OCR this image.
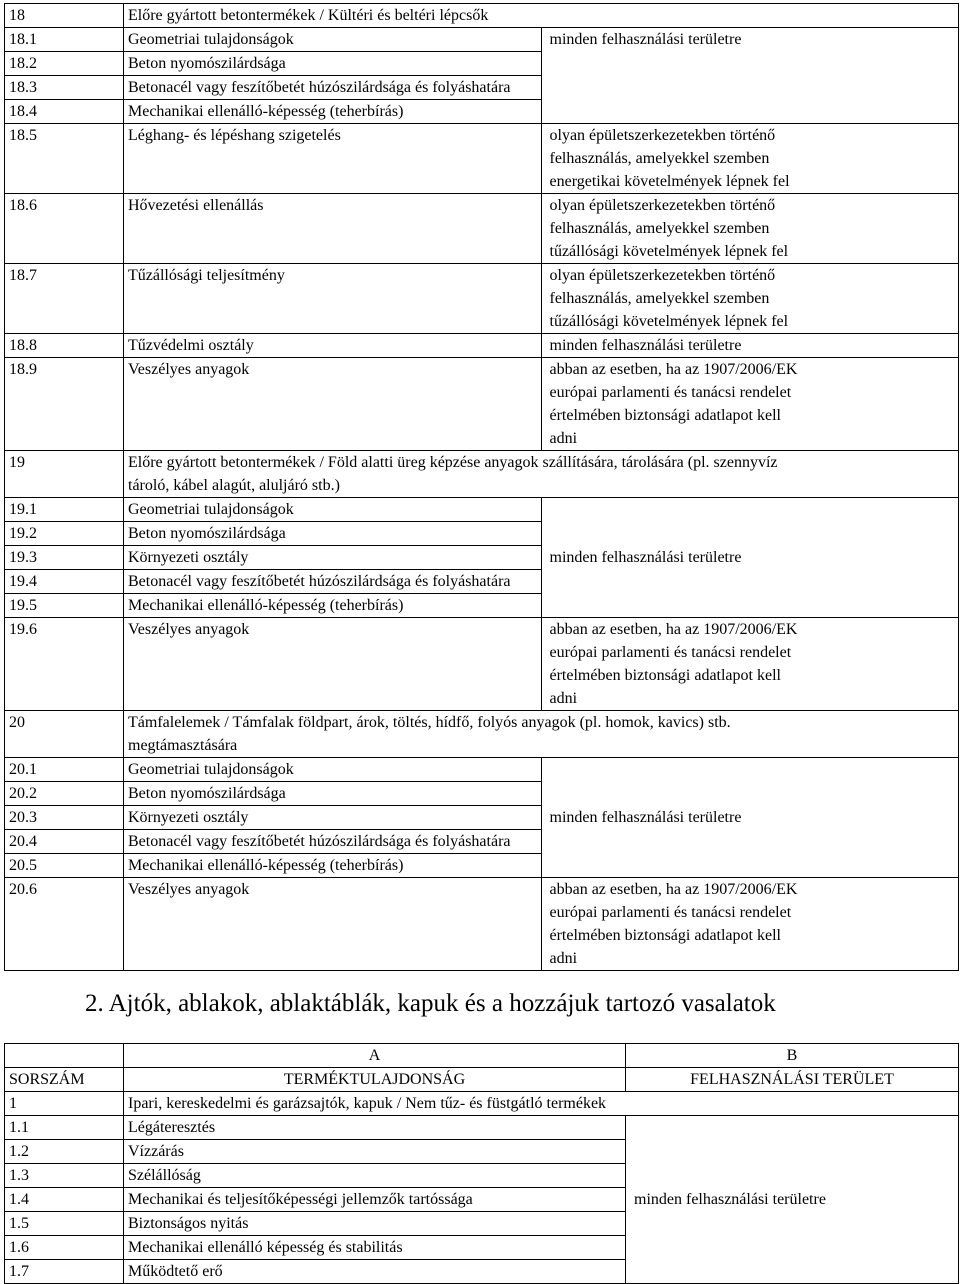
18	Előre gyártott betontermékek / Kültéri és beltéri lépcsők	
18.1	Geometriai tulajdonságok	minden felhasználási területre
18.2	Beton nyomószilárdsága	
18.3	Betonacél vagy feszítőbetét húzószilárdsága és folyáshatára	
18.4	Mechanikai ellenálló-képesség (teherbírás)	
18.5	Léghang- és lépéshang szigetelés	olyan épületszerkezetekben történő
felhasználás, amelyekkel szemben
energetikai követelmények lépnek fel
18.6	Hővezetési ellenállás	olyan épületszerkezetekben történő
felhasználás, amelyekkel szemben
tűzállósági követelmények lépnek fel
18.7	Tűzállósági teljesítmény	olyan épületszerkezetekben történő
felhasználás, amelyekkel szemben
tűzállósági követelmények lépnek fel
18.8	Tűzvédelmi osztály	minden felhasználási területre
18.9	Veszélyes anyagok	abban az esetben, ha az 1907/2006/EK
európai parlamenti és tanácsi rendelet
értelmében biztonsági adatlapot kell
adni
19	Előre gyártott betontermékek / Föld alatti üreg képzése anyagok szállítására, tárolására (pl. szennyvíz
tároló, kábel alagút, aluljáró stb.)	
19.1	Geometriai tulajdonságok	minden felhasználási területre
19.2	Beton nyomószilárdsága	
19.3	Környezeti osztály	
19.4	Betonacél vagy feszítőbetét húzószilárdsága és folyáshatára	
19.5	Mechanikai ellenálló-képesség (teherbírás)	
19.6	Veszélyes anyagok	abban az esetben, ha az 1907/2006/EK
európai parlamenti és tanácsi rendelet
értelmében biztonsági adatlapot kell
adni
20	Támfalelemek / Támfalak földpart, árok, töltés, hídfő, folyós anyagok (pl. homok, kavics) stb.
megtámasztására	
20.1	Geometriai tulajdonságok	minden felhasználási területre
20.2	Beton nyomószilárdsága	
20.3	Környezeti osztály	
20.4	Betonacél vagy feszítőbetét húzószilárdsága és folyáshatára	
20.5	Mechanikai ellenálló-képesség (teherbírás)	
20.6	Veszélyes anyagok	abban az esetben, ha az 1907/2006/EK
európai parlamenti és tanácsi rendelet
értelmében biztonsági adatlapot kell
adni
2. Ajtók, ablakok, ablaktáblák, kapuk és a hozzájuk tartozó vasalatok
	A	B
SORSZÁM	TERMÉKTULAJDONSÁG	FELHASZNÁLÁSI TERÜLET
1	Ipari, kereskedelmi és garázsajtók, kapuk / Nem tűz- és füstgátló termékek	
1.1	Légáteresztés	minden felhasználási területre
1.2	Vízzárás	
1.3	Szélállóság	
1.4	Mechanikai és teljesítőképességi jellemzők tartóssága	
1.5	Biztonságos nyitás	
1.6	Mechanikai ellenálló képesség és stabilitás	
1.7	Működtető erő	
